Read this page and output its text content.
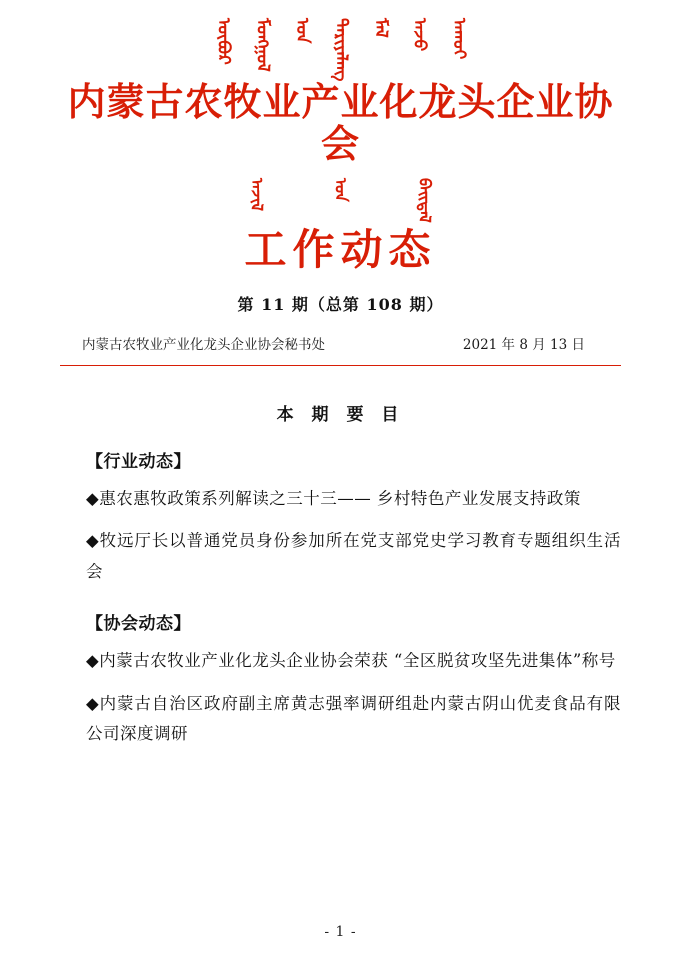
ᠦᠪᠦᠷ ᠮᠣᠩᠭᠤᠯ ᠤᠨ ᠲᠠᠷᠢᠶᠠᠯᠠᠩ ᠮᠠᠯ ᠠᠵᠤ ᠠᠬᠤᠢ
内蒙古农牧业产业化龙头企业协会
ᠠᠵᠢᠯ	ᠤᠨ	ᠪᠠᠢᠳᠠᠯ
工作动态
第 11 期（总第 108 期）
内蒙古农牧业产业化龙头企业协会秘书处	2021 年 8 月 13 日
本 期 要 目
【行业动态】
◆惠农惠牧政策系列解读之三十三—— 乡村特色产业发展支持政策
◆牧远厅长以普通党员身份参加所在党支部党史学习教育专题组织生活会
【协会动态】
◆内蒙古农牧业产业化龙头企业协会荣获 “全区脱贫攻坚先进集体”称号
◆内蒙古自治区政府副主席黄志强率调研组赴内蒙古阴山优麦食品有限公司深度调研
- 1 -
